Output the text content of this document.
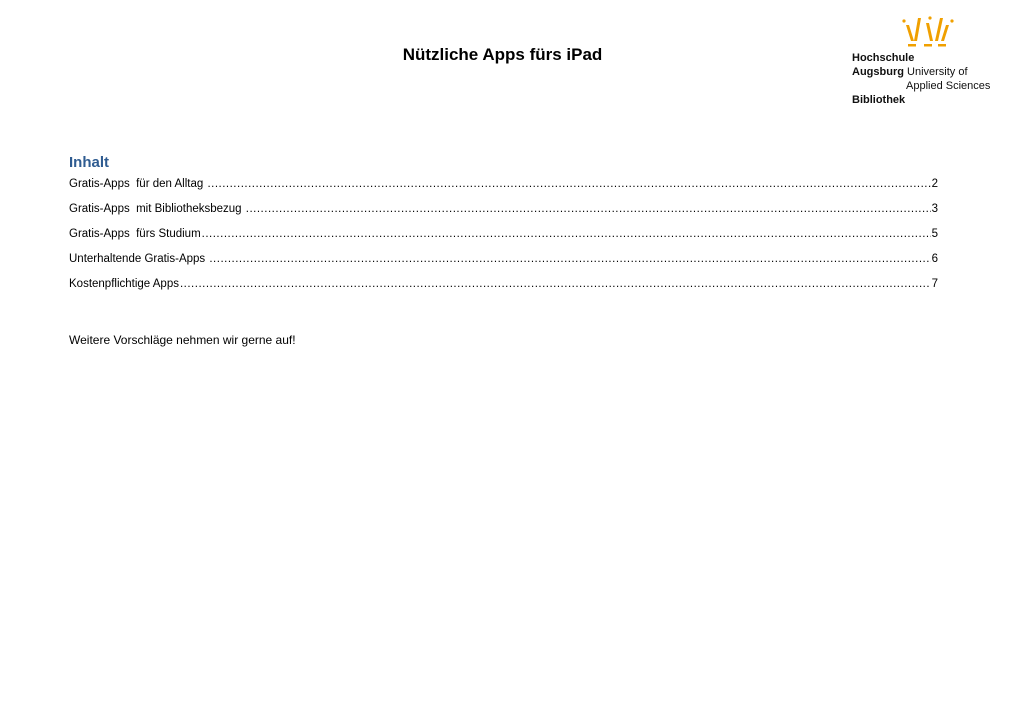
Nützliche Apps fürs iPad	Hochschule
Augsburg University of
Applied Sciences
Bibliothek
Inhalt
Gratis-Apps  für den Alltag .....	2
Gratis-Apps  mit Bibliotheksbezug .....	3
Gratis-Apps  fürs Studium .....	5
Unterhaltende Gratis-Apps .....	6
Kostenpflichtige Apps .....	7
Weitere Vorschläge nehmen wir gerne auf!
